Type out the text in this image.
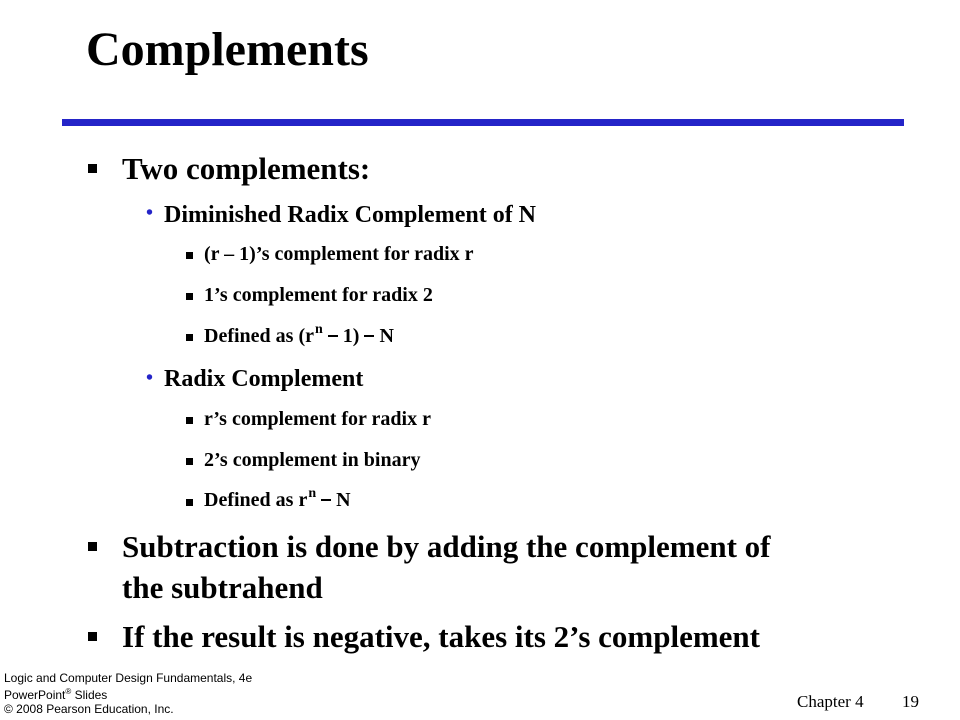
Complements
Two complements:
• Diminished Radix Complement of N
(r – 1)’s complement for radix r
1’s complement for radix 2
Defined as ($r^n$ 1) N
• Radix Complement
r’s complement for radix r
2’s complement in binary
Defined as $r^n$ N
Subtraction is done by adding the complement of
the subtrahend
If the result is negative, takes its 2’s complement
Logic and Computer Design Fundamentals, 4e
PowerPoint® Slides
© 2008 Pearson Education, Inc.	Chapter 4 19
